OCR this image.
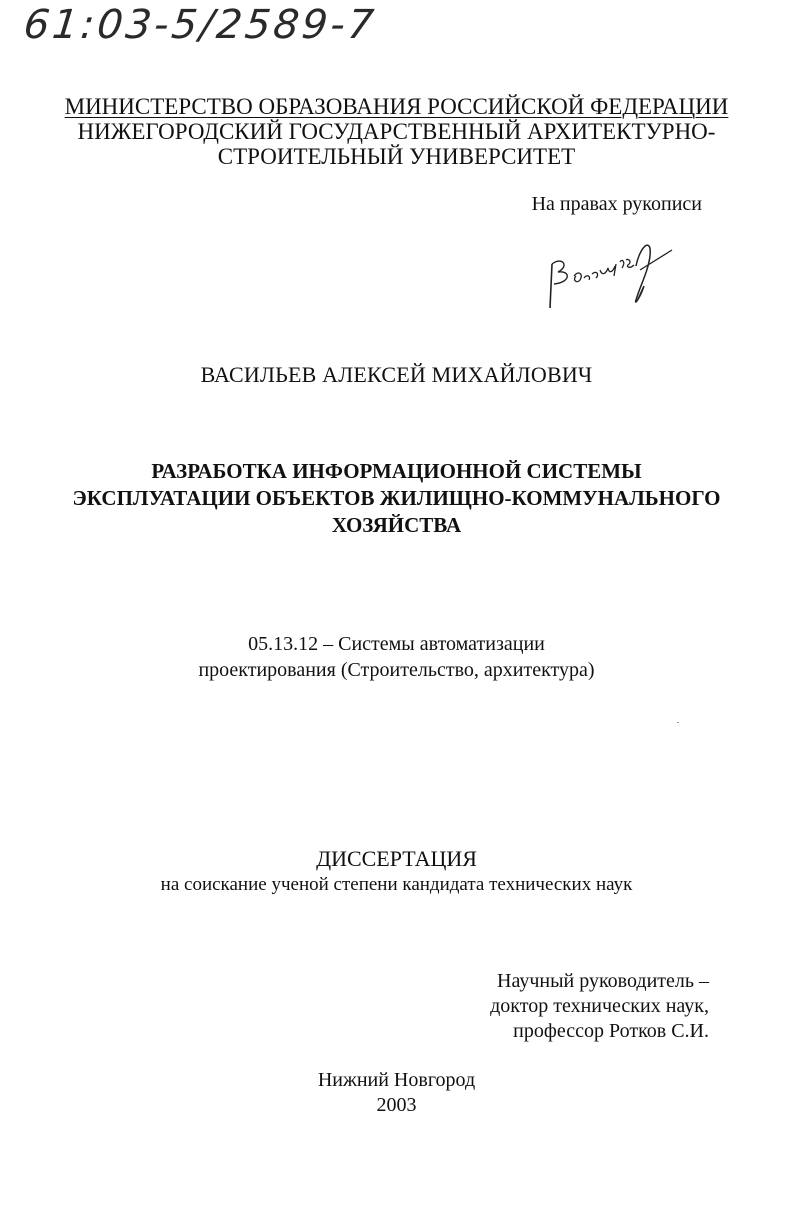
61:03-5/2589-7
МИНИСТЕРСТВО ОБРАЗОВАНИЯ РОССИЙСКОЙ ФЕДЕРАЦИИ
НИЖЕГОРОДСКИЙ ГОСУДАРСТВЕННЫЙ АРХИТЕКТУРНО-
СТРОИТЕЛЬНЫЙ УНИВЕРСИТЕТ
На правах рукописи
ВАСИЛЬЕВ АЛЕКСЕЙ МИХАЙЛОВИЧ
РАЗРАБОТКА ИНФОРМАЦИОННОЙ СИСТЕМЫ
ЭКСПЛУАТАЦИИ ОБЪЕКТОВ ЖИЛИЩНО-КОММУНАЛЬНОГО
ХОЗЯЙСТВА
05.13.12 – Системы автоматизации
проектирования (Строительство, архитектура)
ДИССЕРТАЦИЯ
на соискание ученой степени кандидата технических наук
Научный руководитель –
доктор технических наук,
профессор Ротков С.И.
Нижний Новгород
2003
